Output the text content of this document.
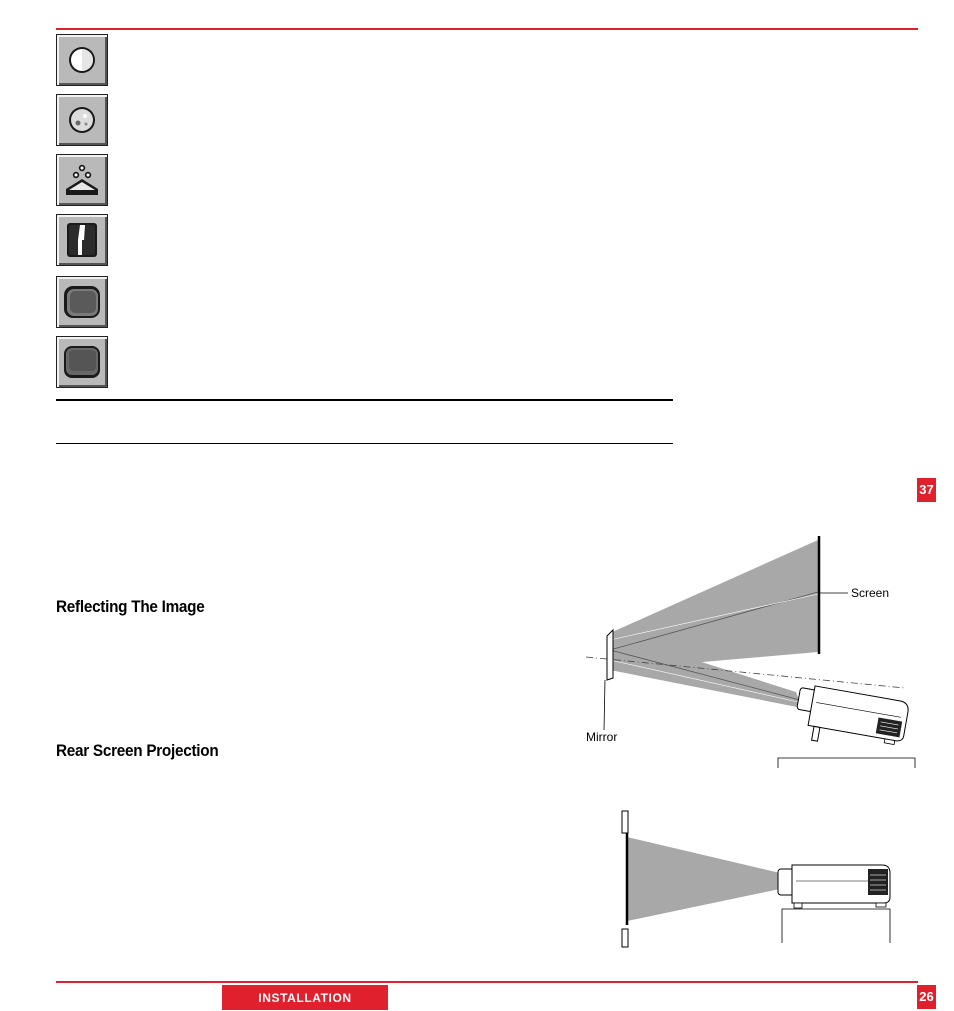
37
Reflecting The Image
Rear Screen Projection
Screen
Mirror
INSTALLATION	26
